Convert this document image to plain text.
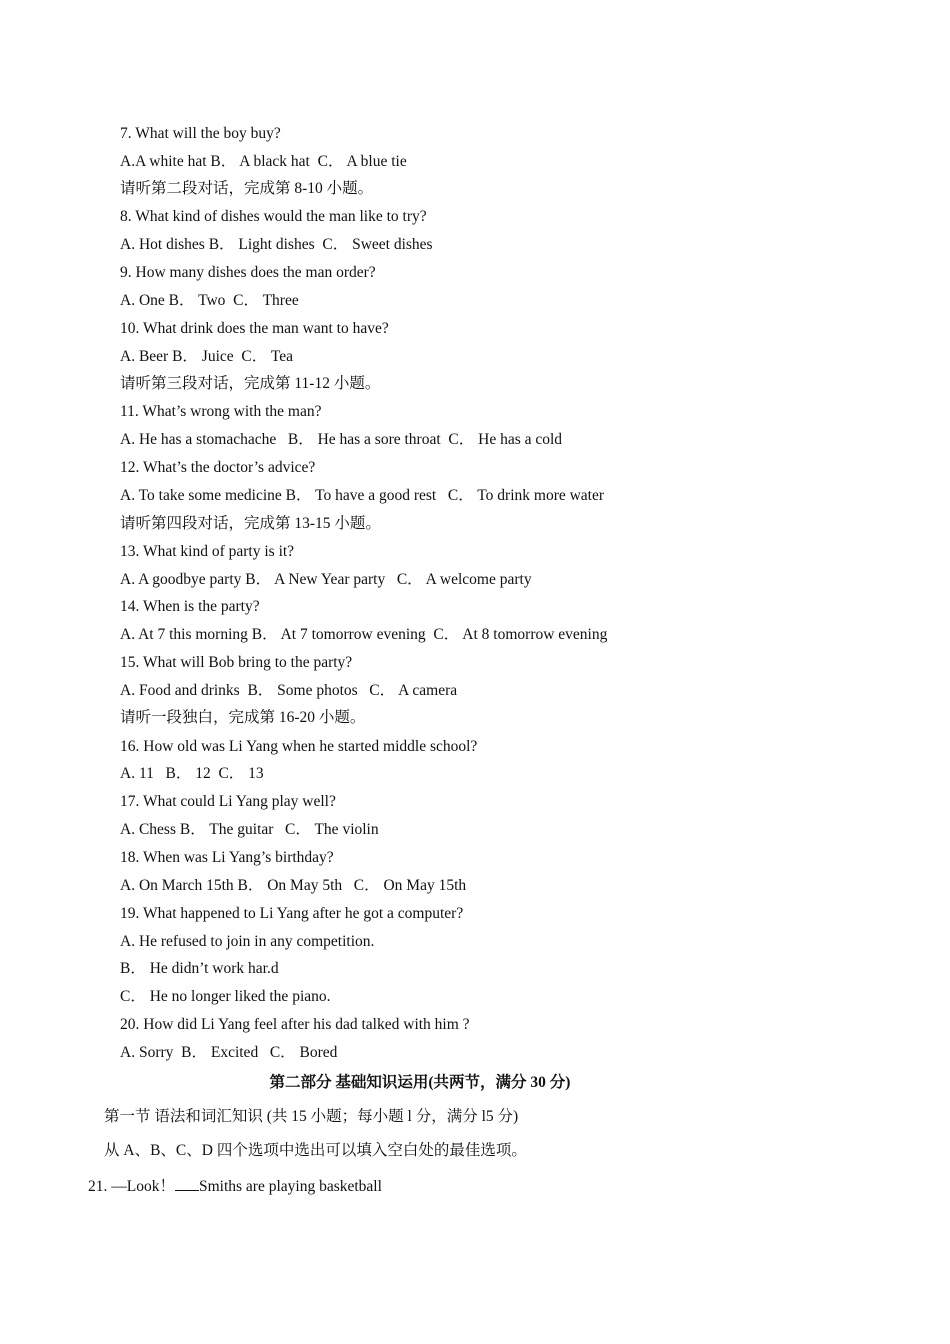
7. What will the boy buy?
A.A white hat B． A black hat  C． A blue tie
请听第二段对话，完成第 8-10 小题。
8. What kind of dishes would the man like to try?
A. Hot dishes B． Light dishes  C． Sweet dishes
9. How many dishes does the man order?
A. One B． Two  C． Three
10. What drink does the man want to have?
A. Beer B． Juice  C． Tea
请听第三段对话，完成第 11-12 小题。
11. What’s wrong with the man?
A. He has a stomachache   B． He has a sore throat  C． He has a cold
12. What’s the doctor’s advice?
A. To take some medicine B． To have a good rest   C． To drink more water
请听第四段对话，完成第 13-15 小题。
13. What kind of party is it?
A. A goodbye party B． A New Year party   C． A welcome party
14. When is the party?
A. At 7 this morning B． At 7 tomorrow evening  C． At 8 tomorrow evening
15. What will Bob bring to the party?
A. Food and drinks  B． Some photos   C． A camera
请听一段独白，完成第 16-20 小题。
16. How old was Li Yang when he started middle school?
A. 11   B． 12  C． 13
17. What could Li Yang play well?
A. Chess B． The guitar   C． The violin
18. When was Li Yang’s birthday?
A. On March 15th B． On May 5th   C． On May 15th
19. What happened to Li Yang after he got a computer?
A. He refused to join in any competition.
B． He didn’t work har.d
C． He no longer liked the piano.
20. How did Li Yang feel after his dad talked with him ?
A. Sorry  B． Excited   C． Bored
第二部分 基础知识运用(共两节，满分 30 分)
第一节 语法和词汇知识 (共 15 小题；每小题 l 分，满分 l5 分)
从 A、B、C、D 四个选项中选出可以填入空白处的最佳选项。
21. —Look！ Smiths are playing basketball
